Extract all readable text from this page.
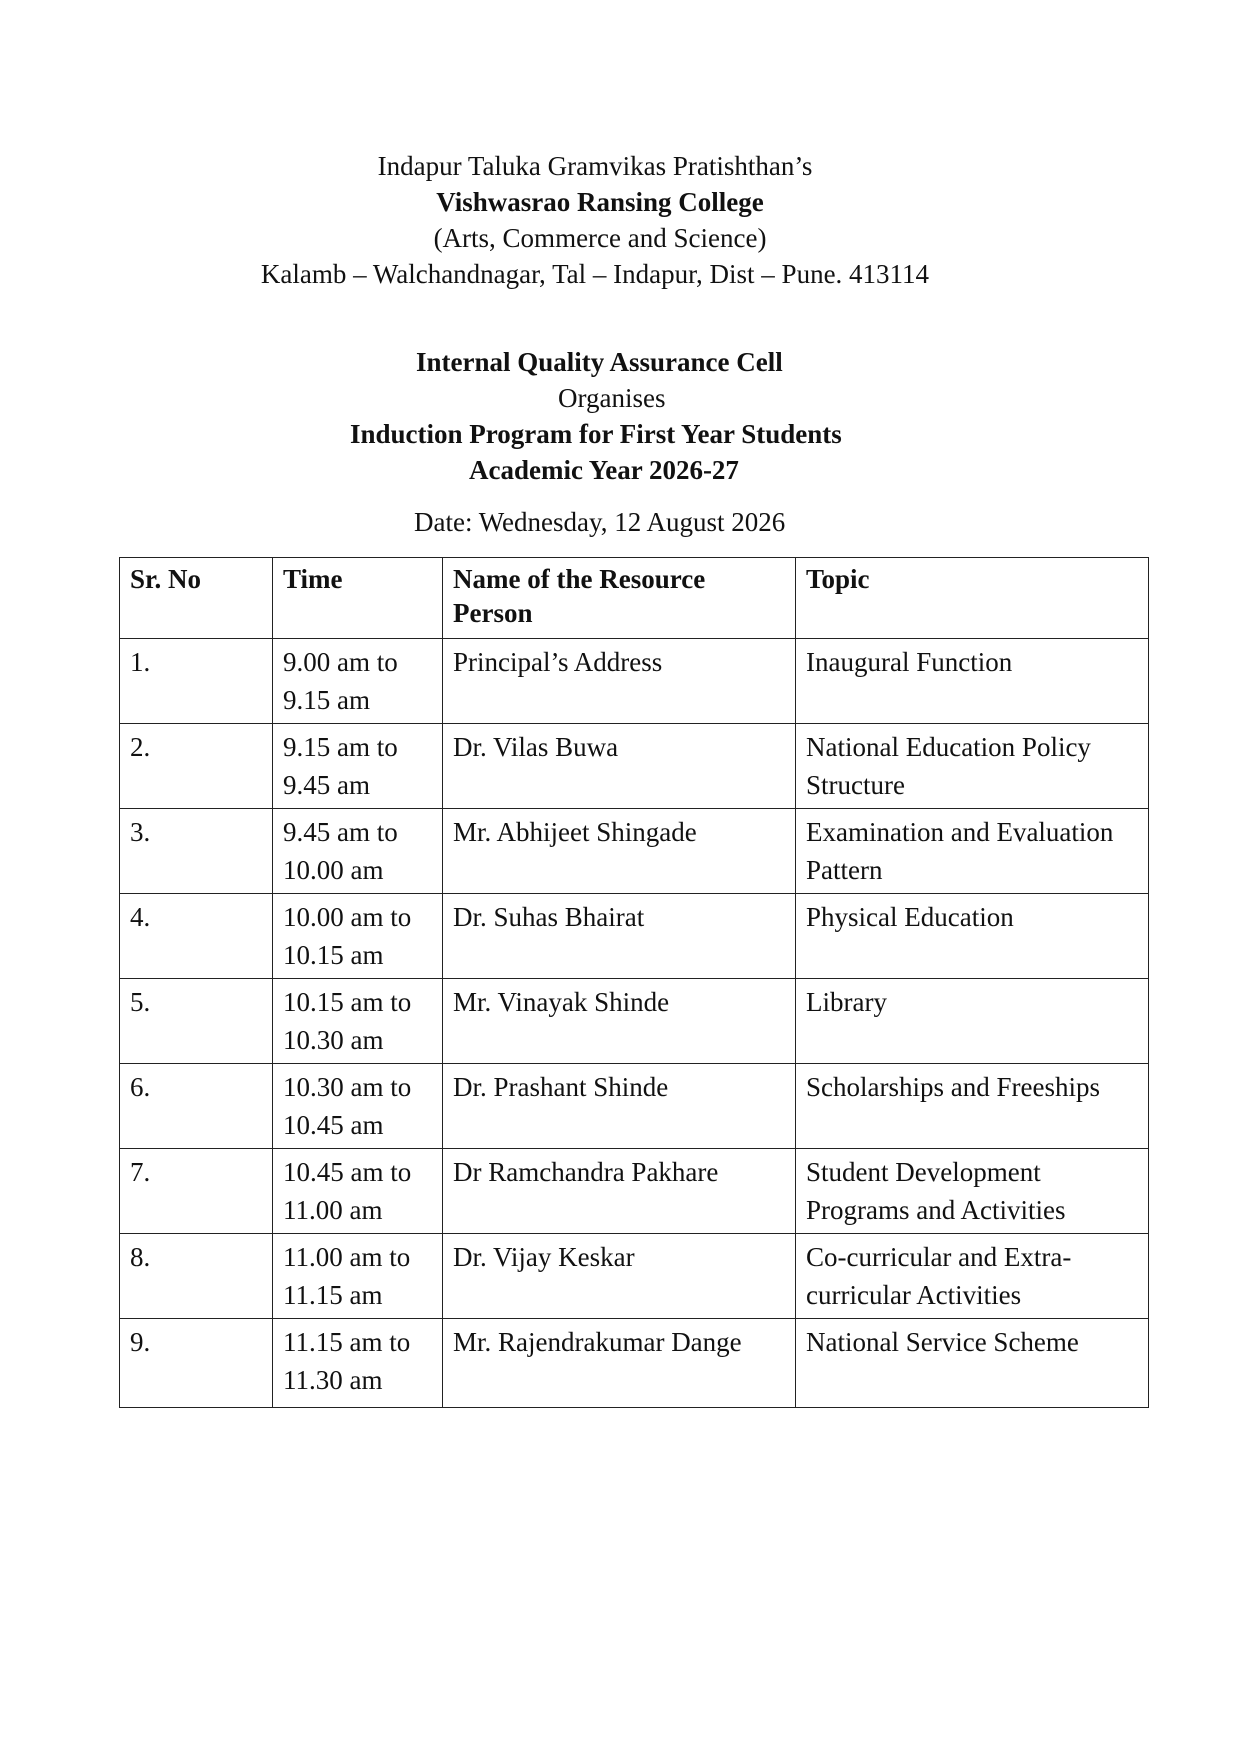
Indapur Taluka Gramvikas Pratishthan’s
Vishwasrao Ransing College
(Arts, Commerce and Science)
Kalamb – Walchandnagar, Tal – Indapur, Dist – Pune. 413114
Internal Quality Assurance Cell
Organises
Induction Program for First Year Students
Academic Year 2026-27
Date: Wednesday, 12 August 2026
Sr. No	Time	Name of the Resource Person	Topic
1.	9.00 am to 9.15 am	Principal’s Address	Inaugural Function
2.	9.15 am to 9.45 am	Dr. Vilas Buwa	National Education Policy Structure
3.	9.45 am to 10.00 am	Mr. Abhijeet Shingade	Examination and Evaluation Pattern
4.	10.00 am to 10.15 am	Dr. Suhas Bhairat	Physical Education
5.	10.15 am to 10.30 am	Mr. Vinayak Shinde	Library
6.	10.30 am to 10.45 am	Dr. Prashant Shinde	Scholarships and Freeships
7.	10.45 am to 11.00 am	Dr Ramchandra Pakhare	Student Development Programs and Activities
8.	11.00 am to 11.15 am	Dr. Vijay Keskar	Co-curricular and Extra-curricular Activities
9.	11.15 am to 11.30 am	Mr. Rajendrakumar Dange	National Service Scheme
